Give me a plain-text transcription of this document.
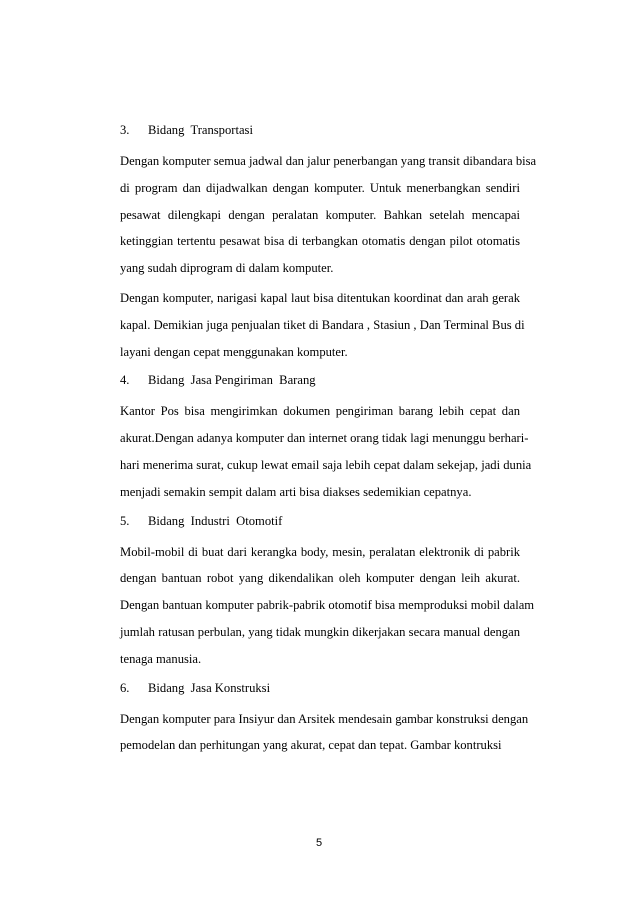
3.	Bidang  Transportasi
Dengan komputer semua jadwal dan jalur penerbangan yang transit dibandara bisa
di program dan dijadwalkan dengan komputer. Untuk menerbangkan sendiri
pesawat dilengkapi dengan peralatan komputer. Bahkan setelah mencapai
ketinggian tertentu pesawat bisa di terbangkan otomatis dengan pilot otomatis
yang sudah diprogram di dalam komputer.
Dengan komputer, narigasi kapal laut bisa ditentukan koordinat dan arah gerak
kapal. Demikian juga penjualan tiket di Bandara , Stasiun , Dan Terminal Bus di
layani dengan cepat menggunakan komputer.
4.	Bidang  Jasa Pengiriman  Barang
Kantor Pos bisa mengirimkan dokumen pengiriman barang lebih cepat dan
akurat.Dengan adanya komputer dan internet orang tidak lagi menunggu berhari-
hari menerima surat, cukup lewat email saja lebih cepat dalam sekejap, jadi dunia
menjadi semakin sempit dalam arti bisa diakses sedemikian cepatnya.
5.	Bidang  Industri  Otomotif
Mobil-mobil di buat dari kerangka body, mesin, peralatan elektronik di pabrik
dengan bantuan robot yang dikendalikan oleh komputer dengan leih akurat.
Dengan bantuan komputer pabrik-pabrik otomotif bisa memproduksi mobil dalam
jumlah ratusan perbulan, yang tidak mungkin dikerjakan secara manual dengan
tenaga manusia.
6.	Bidang  Jasa Konstruksi
Dengan komputer para Insiyur dan Arsitek mendesain gambar konstruksi dengan
pemodelan dan perhitungan yang akurat, cepat dan tepat. Gambar kontruksi
5
